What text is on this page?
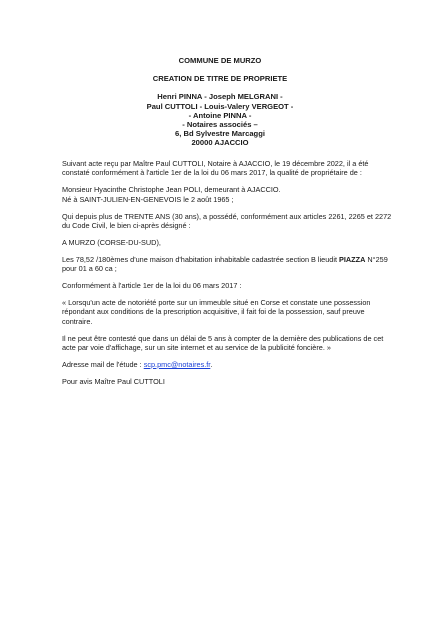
COMMUNE DE MURZO
CREATION DE TITRE DE PROPRIETE
Henri PINNA - Joseph MELGRANI -
Paul CUTTOLI - Louis-Valery VERGEOT -
- Antoine PINNA -
- Notaires associés –
6, Bd Sylvestre Marcaggi
20000 AJACCIO

Suivant acte reçu par Maître Paul CUTTOLI, Notaire à AJACCIO, le 19 décembre 2022, il a été
constaté conformément à l'article 1er de la loi du 06 mars 2017, la qualité de propriétaire de :

Monsieur Hyacinthe Christophe Jean POLI, demeurant à AJACCIO.
Né à SAINT-JULIEN-EN-GENEVOIS le 2 août 1965 ;

Qui depuis plus de TRENTE ANS (30 ans), a possédé, conformément aux articles 2261, 2265 et 2272
du Code Civil, le bien ci-après désigné :

A MURZO (CORSE-DU-SUD),

Les 78,52 /180èmes d'une maison d'habitation inhabitable cadastrée section B lieudit PIAZZA N°259
pour 01 a 60 ca ;

Conformément à l'article 1er de la loi du 06 mars 2017 :

« Lorsqu'un acte de notoriété porte sur un immeuble situé en Corse et constate une possession
répondant aux conditions de la prescription acquisitive, il fait foi de la possession, sauf preuve
contraire.

Il ne peut être contesté que dans un délai de 5 ans à compter de la dernière des publications de cet
acte par voie d'affichage, sur un site internet et au service de la publicité foncière. »

Adresse mail de l'étude : scp.pmc@notaires.fr.

Pour avis Maître Paul CUTTOLI
